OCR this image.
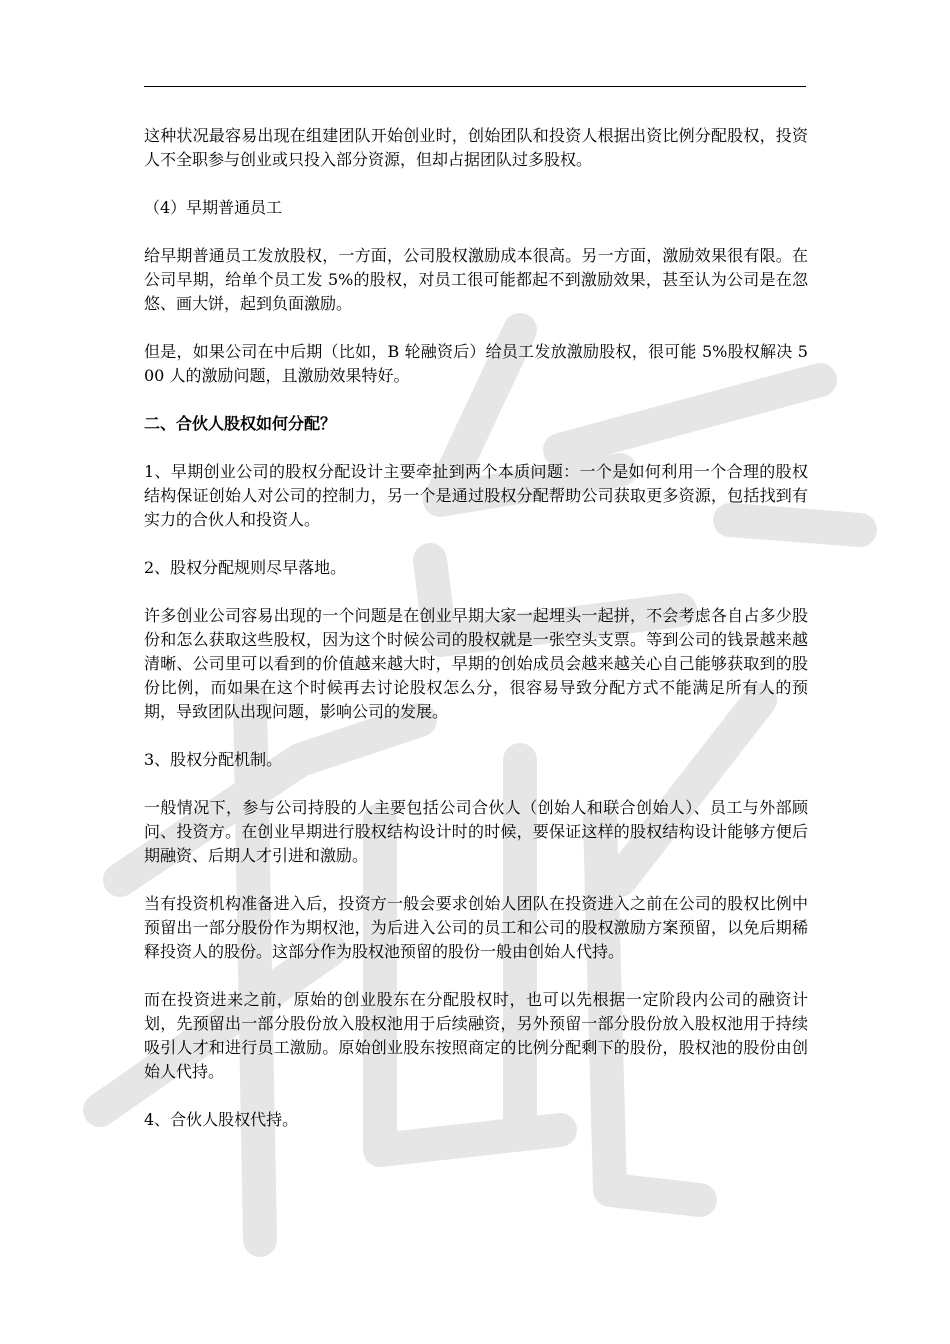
这种状况最容易出现在组建团队开始创业时，创始团队和投资人根据出资比例分配股权，投资人不全职参与创业或只投入部分资源，但却占据团队过多股权。

（4）早期普通员工

给早期普通员工发放股权，一方面，公司股权激励成本很高。另一方面，激励效果很有限。在公司早期，给单个员工发 5%的股权，对员工很可能都起不到激励效果，甚至认为公司是在忽悠、画大饼，起到负面激励。

但是，如果公司在中后期（比如，B 轮融资后）给员工发放激励股权，很可能 5%股权解决 500 人的激励问题，且激励效果特好。

二、合伙人股权如何分配？

1、早期创业公司的股权分配设计主要牵扯到两个本质问题：一个是如何利用一个合理的股权结构保证创始人对公司的控制力，另一个是通过股权分配帮助公司获取更多资源，包括找到有实力的合伙人和投资人。

2、股权分配规则尽早落地。

许多创业公司容易出现的一个问题是在创业早期大家一起埋头一起拼，不会考虑各自占多少股份和怎么获取这些股权，因为这个时候公司的股权就是一张空头支票。等到公司的钱景越来越清晰、公司里可以看到的价值越来越大时，早期的创始成员会越来越关心自己能够获取到的股份比例，而如果在这个时候再去讨论股权怎么分，很容易导致分配方式不能满足所有人的预期，导致团队出现问题，影响公司的发展。

3、股权分配机制。

一般情况下，参与公司持股的人主要包括公司合伙人（创始人和联合创始人）、员工与外部顾问、投资方。在创业早期进行股权结构设计时的时候，要保证这样的股权结构设计能够方便后期融资、后期人才引进和激励。

当有投资机构准备进入后，投资方一般会要求创始人团队在投资进入之前在公司的股权比例中预留出一部分股份作为期权池，为后进入公司的员工和公司的股权激励方案预留，以免后期稀释投资人的股份。这部分作为股权池预留的股份一般由创始人代持。

而在投资进来之前，原始的创业股东在分配股权时，也可以先根据一定阶段内公司的融资计划，先预留出一部分股份放入股权池用于后续融资，另外预留一部分股份放入股权池用于持续吸引人才和进行员工激励。原始创业股东按照商定的比例分配剩下的股份，股权池的股份由创始人代持。

4、合伙人股权代持。
